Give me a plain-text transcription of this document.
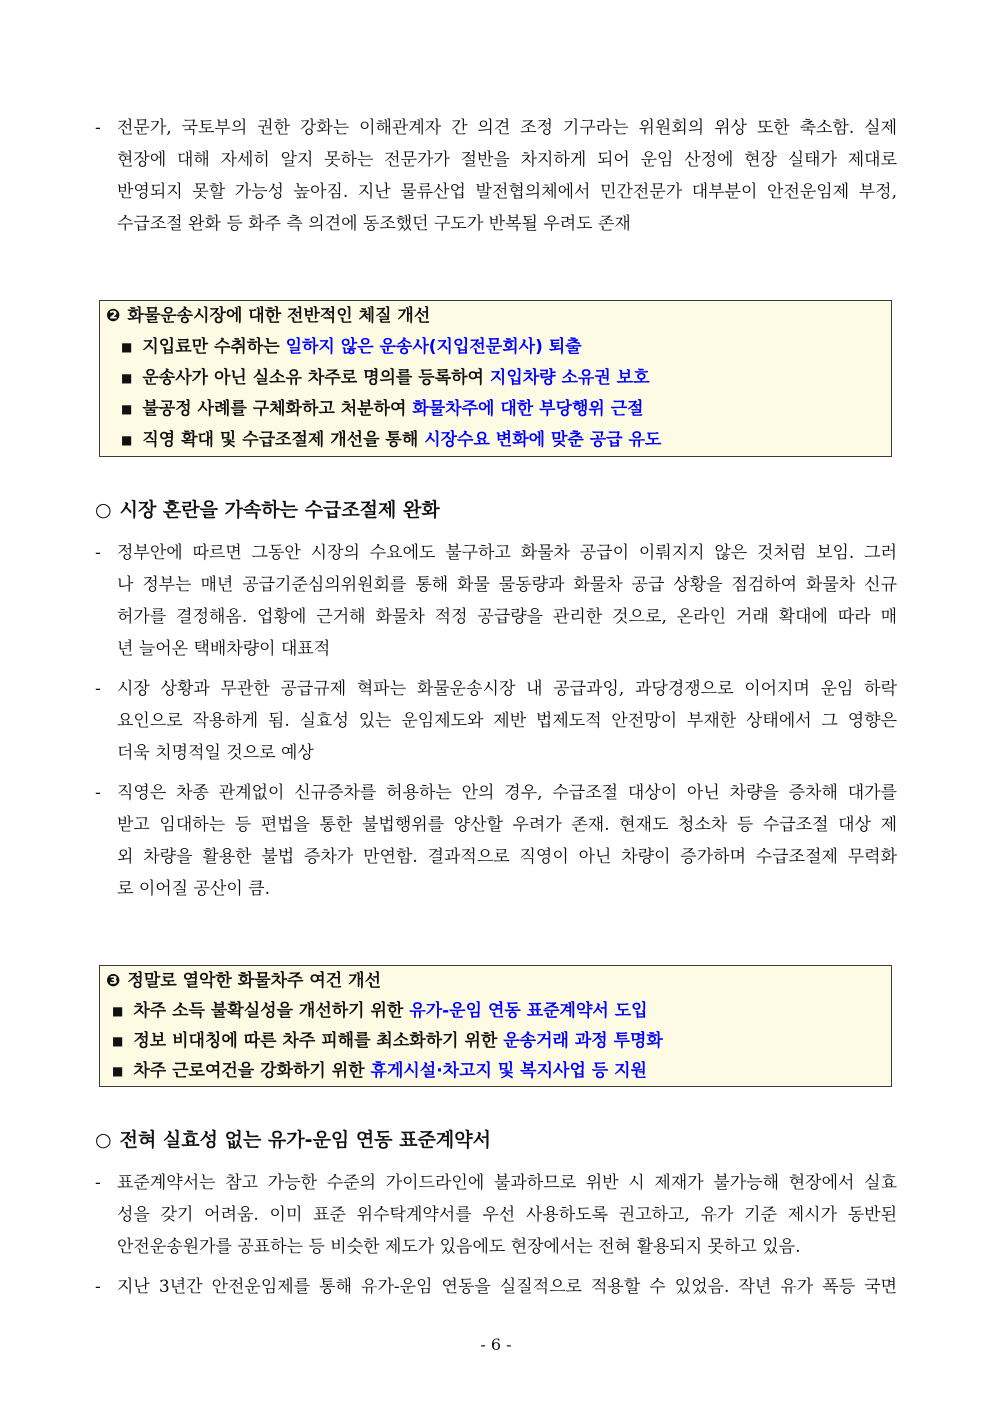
- 전문가, 국토부의 권한 강화는 이해관계자 간 의견 조정 기구라는 위원회의 위상 또한 축소함. 실제
현장에 대해 자세히 알지 못하는 전문가가 절반을 차지하게 되어 운임 산정에 현장 실태가 제대로
반영되지 못할 가능성 높아짐. 지난 물류산업 발전협의체에서 민간전문가 대부분이 안전운임제 부정,
수급조절 완화 등 화주 측 의견에 동조했던 구도가 반복될 우려도 존재
❷ 화물운송시장에 대한 전반적인 체질 개선
■ 지입료만 수취하는 일하지 않은 운송사(지입전문회사) 퇴출
■ 운송사가 아닌 실소유 차주로 명의를 등록하여 지입차량 소유권 보호
■ 불공정 사례를 구체화하고 처분하여 화물차주에 대한 부당행위 근절
■ 직영 확대 및 수급조절제 개선을 통해 시장수요 변화에 맞춘 공급 유도
○ 시장 혼란을 가속하는 수급조절제 완화
- 정부안에 따르면 그동안 시장의 수요에도 불구하고 화물차 공급이 이뤄지지 않은 것처럼 보임. 그러
나 정부는 매년 공급기준심의위원회를 통해 화물 물동량과 화물차 공급 상황을 점검하여 화물차 신규
허가를 결정해옴. 업황에 근거해 화물차 적정 공급량을 관리한 것으로, 온라인 거래 확대에 따라 매
년 늘어온 택배차량이 대표적
- 시장 상황과 무관한 공급규제 혁파는 화물운송시장 내 공급과잉, 과당경쟁으로 이어지며 운임 하락
요인으로 작용하게 됨. 실효성 있는 운임제도와 제반 법제도적 안전망이 부재한 상태에서 그 영향은
더욱 치명적일 것으로 예상
- 직영은 차종 관계없이 신규증차를 허용하는 안의 경우, 수급조절 대상이 아닌 차량을 증차해 대가를
받고 임대하는 등 편법을 통한 불법행위를 양산할 우려가 존재. 현재도 청소차 등 수급조절 대상 제
외 차량을 활용한 불법 증차가 만연함. 결과적으로 직영이 아닌 차량이 증가하며 수급조절제 무력화
로 이어질 공산이 큼.
❸ 정말로 열악한 화물차주 여건 개선
■ 차주 소득 불확실성을 개선하기 위한 유가-운임 연동 표준계약서 도입
■ 정보 비대칭에 따른 차주 피해를 최소화하기 위한 운송거래 과정 투명화
■ 차주 근로여건을 강화하기 위한 휴게시설·차고지 및 복지사업 등 지원
○ 전혀 실효성 없는 유가-운임 연동 표준계약서
- 표준계약서는 참고 가능한 수준의 가이드라인에 불과하므로 위반 시 제재가 불가능해 현장에서 실효
성을 갖기 어려움. 이미 표준 위수탁계약서를 우선 사용하도록 권고하고, 유가 기준 제시가 동반된
안전운송원가를 공표하는 등 비슷한 제도가 있음에도 현장에서는 전혀 활용되지 못하고 있음.
- 지난 3년간 안전운임제를 통해 유가-운임 연동을 실질적으로 적용할 수 있었음. 작년 유가 폭등 국면
- 6 -
